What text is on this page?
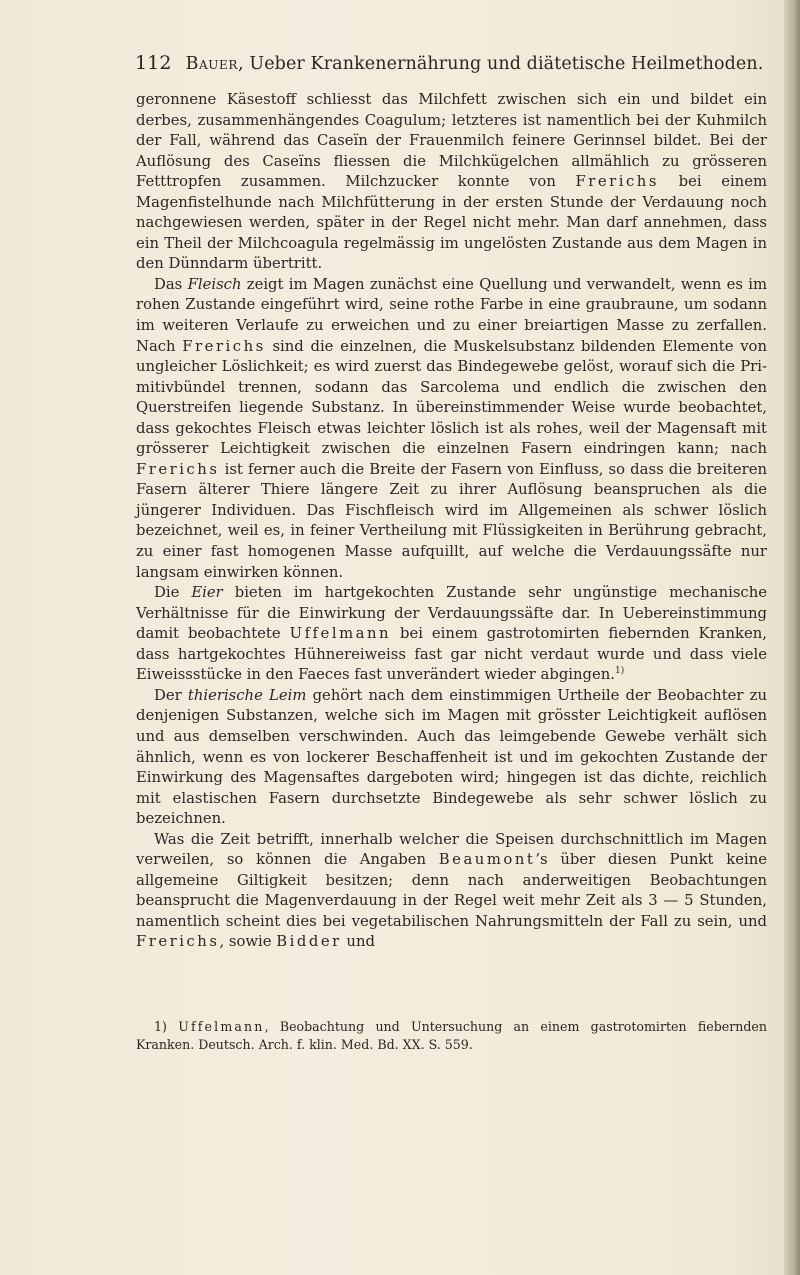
112 Bauer, Ueber Krankenernährung und diätetische Heilmethoden.

geronnene Käsestoff schliesst das Milchfett zwischen sich ein und bildet ein derbes, zusammenhängendes Coagulum; letzteres ist namentlich bei der Kuhmilch der Fall, während das Caseïn der Frauenmilch feinere Gerinnsel bildet. Bei der Auflösung des Caseïns fliessen die Milchkügelchen allmählich zu grösseren Fetttropfen zusammen. Milchzucker konnte von Frerichs bei einem Magenfistelhunde nach Milchfütterung in der ersten Stunde der Verdauung noch nachgewiesen werden, später in der Regel nicht mehr. Man darf annehmen, dass ein Theil der Milchcoagula regelmässig im ungelösten Zustande aus dem Magen in den Dünndarm übertritt.

Das Fleisch zeigt im Magen zunächst eine Quellung und verwandelt, wenn es im rohen Zustande eingeführt wird, seine rothe Farbe in eine graubraune, um sodann im weiteren Verlaufe zu erweichen und zu einer breiartigen Masse zu zerfallen. Nach Frerichs sind die einzelnen, die Muskelsubstanz bildenden Elemente von ungleicher Löslichkeit; es wird zuerst das Bindegewebe gelöst, worauf sich die Primitivbündel trennen, sodann das Sarcolema und endlich die zwischen den Querstreifen liegende Substanz. In übereinstimmender Weise wurde beobachtet, dass gekochtes Fleisch etwas leichter löslich ist als rohes, weil der Magensaft mit grösserer Leichtigkeit zwischen die einzelnen Fasern eindringen kann; nach Frerichs ist ferner auch die Breite der Fasern von Einfluss, so dass die breiteren Fasern älterer Thiere längere Zeit zu ihrer Auflösung beanspruchen als die jüngerer Individuen. Das Fischfleisch wird im Allgemeinen als schwer löslich bezeichnet, weil es, in feiner Vertheilung mit Flüssigkeiten in Berührung gebracht, zu einer fast homogenen Masse aufquillt, auf welche die Verdauungssäfte nur langsam einwirken können.

Die Eier bieten im hartgekochten Zustande sehr ungünstige mechanische Verhältnisse für die Einwirkung der Verdauungssäfte dar. In Uebereinstimmung damit beobachtete Uffelmann bei einem gastrotomirten fiebernden Kranken, dass hartgekochtes Hühnereiweiss fast gar nicht verdaut wurde und dass viele Eiweissstücke in den Faeces fast unverändert wieder abgingen.$^{1)}$

Der thierische Leim gehört nach dem einstimmigen Urtheile der Beobachter zu denjenigen Substanzen, welche sich im Magen mit grösster Leichtigkeit auflösen und aus demselben verschwinden. Auch das leimgebende Gewebe verhält sich ähnlich, wenn es von lockerer Beschaffenheit ist und im gekochten Zustande der Einwirkung des Magensaftes dargeboten wird; hingegen ist das dichte, reichlich mit elastischen Fasern durchsetzte Bindegewebe als sehr schwer löslich zu bezeichnen.

Was die Zeit betrifft, innerhalb welcher die Speisen durchschnittlich im Magen verweilen, so können die Angaben Beaumont’s über diesen Punkt keine allgemeine Giltigkeit besitzen; denn nach anderweitigen Beobachtungen beansprucht die Magenverdauung in der Regel weit mehr Zeit als 3 — 5 Stunden, namentlich scheint dies bei vegetabilischen Nahrungsmitteln der Fall zu sein, und Frerichs, sowie Bidder und

1) Uffelmann, Beobachtung und Untersuchung an einem gastrotomirten fiebernden Kranken. Deutsch. Arch. f. klin. Med. Bd. XX. S. 559.
